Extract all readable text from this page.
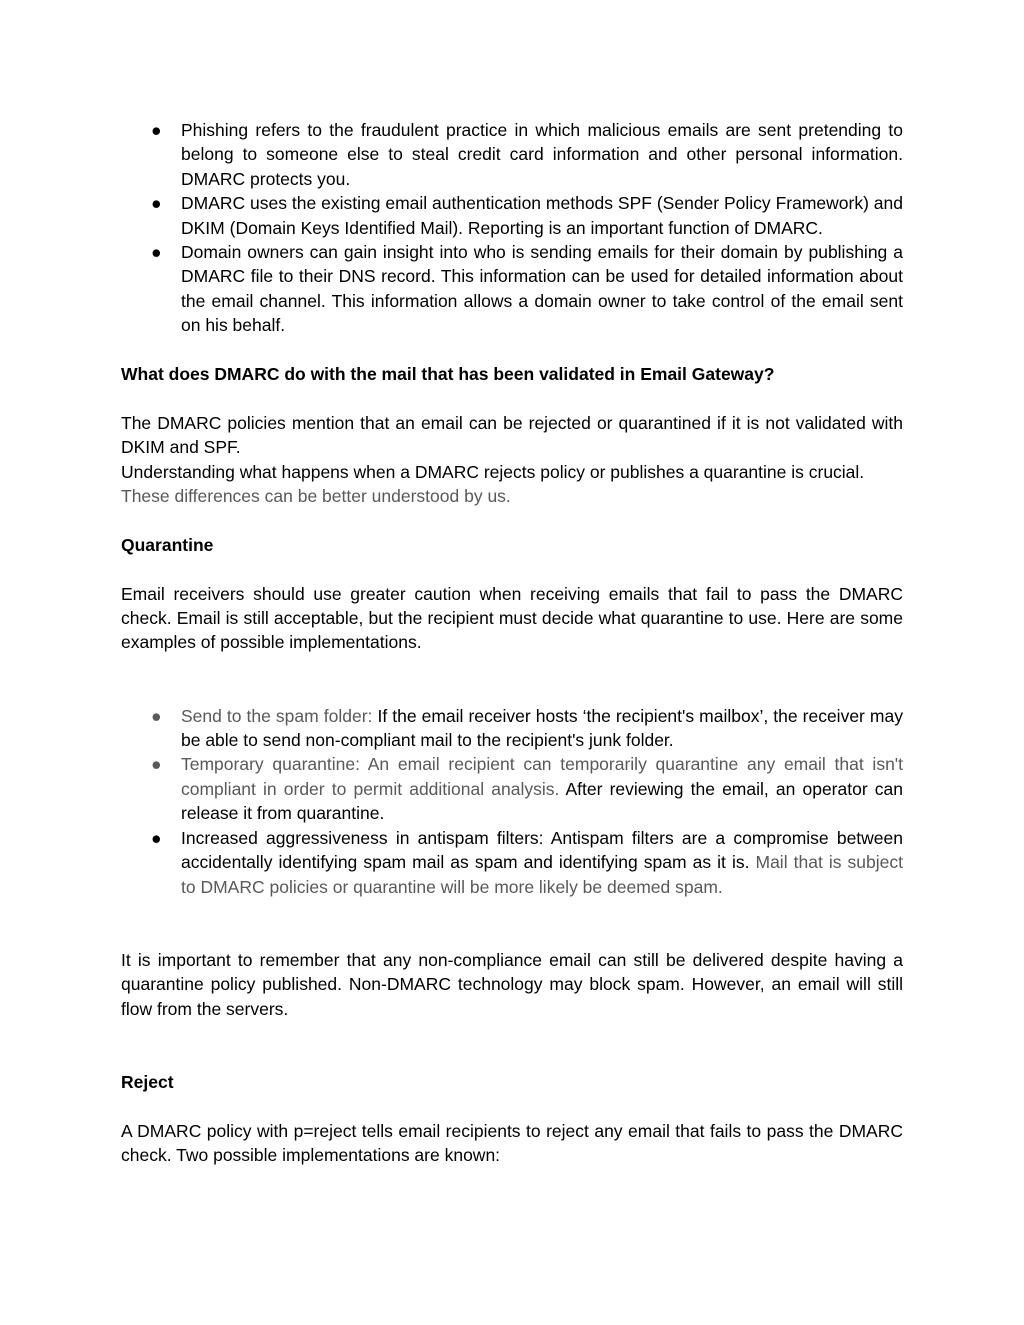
● Phishing refers to the fraudulent practice in which malicious emails are sent pretending to belong to someone else to steal credit card information and other personal information. DMARC protects you.
● DMARC uses the existing email authentication methods SPF (Sender Policy Framework) and DKIM (Domain Keys Identified Mail). Reporting is an important function of DMARC.
● Domain owners can gain insight into who is sending emails for their domain by publishing a DMARC file to their DNS record. This information can be used for detailed information about the email channel. This information allows a domain owner to take control of the email sent on his behalf.

What does DMARC do with the mail that has been validated in Email Gateway?

The DMARC policies mention that an email can be rejected or quarantined if it is not validated with DKIM and SPF.

Understanding what happens when a DMARC rejects policy or publishes a quarantine is crucial.

These differences can be better understood by us.

Quarantine

Email receivers should use greater caution when receiving emails that fail to pass the DMARC check. Email is still acceptable, but the recipient must decide what quarantine to use. Here are some examples of possible implementations.

● Send to the spam folder: If the email receiver hosts ‘the recipient's mailbox’, the receiver may be able to send non-compliant mail to the recipient's junk folder.
● Temporary quarantine: An email recipient can temporarily quarantine any email that isn't compliant in order to permit additional analysis. After reviewing the email, an operator can release it from quarantine.
● Increased aggressiveness in antispam filters: Antispam filters are a compromise between accidentally identifying spam mail as spam and identifying spam as it is. Mail that is subject to DMARC policies or quarantine will be more likely be deemed spam.

It is important to remember that any non-compliance email can still be delivered despite having a quarantine policy published. Non-DMARC technology may block spam. However, an email will still flow from the servers.

Reject

A DMARC policy with p=reject tells email recipients to reject any email that fails to pass the DMARC check. Two possible implementations are known:
